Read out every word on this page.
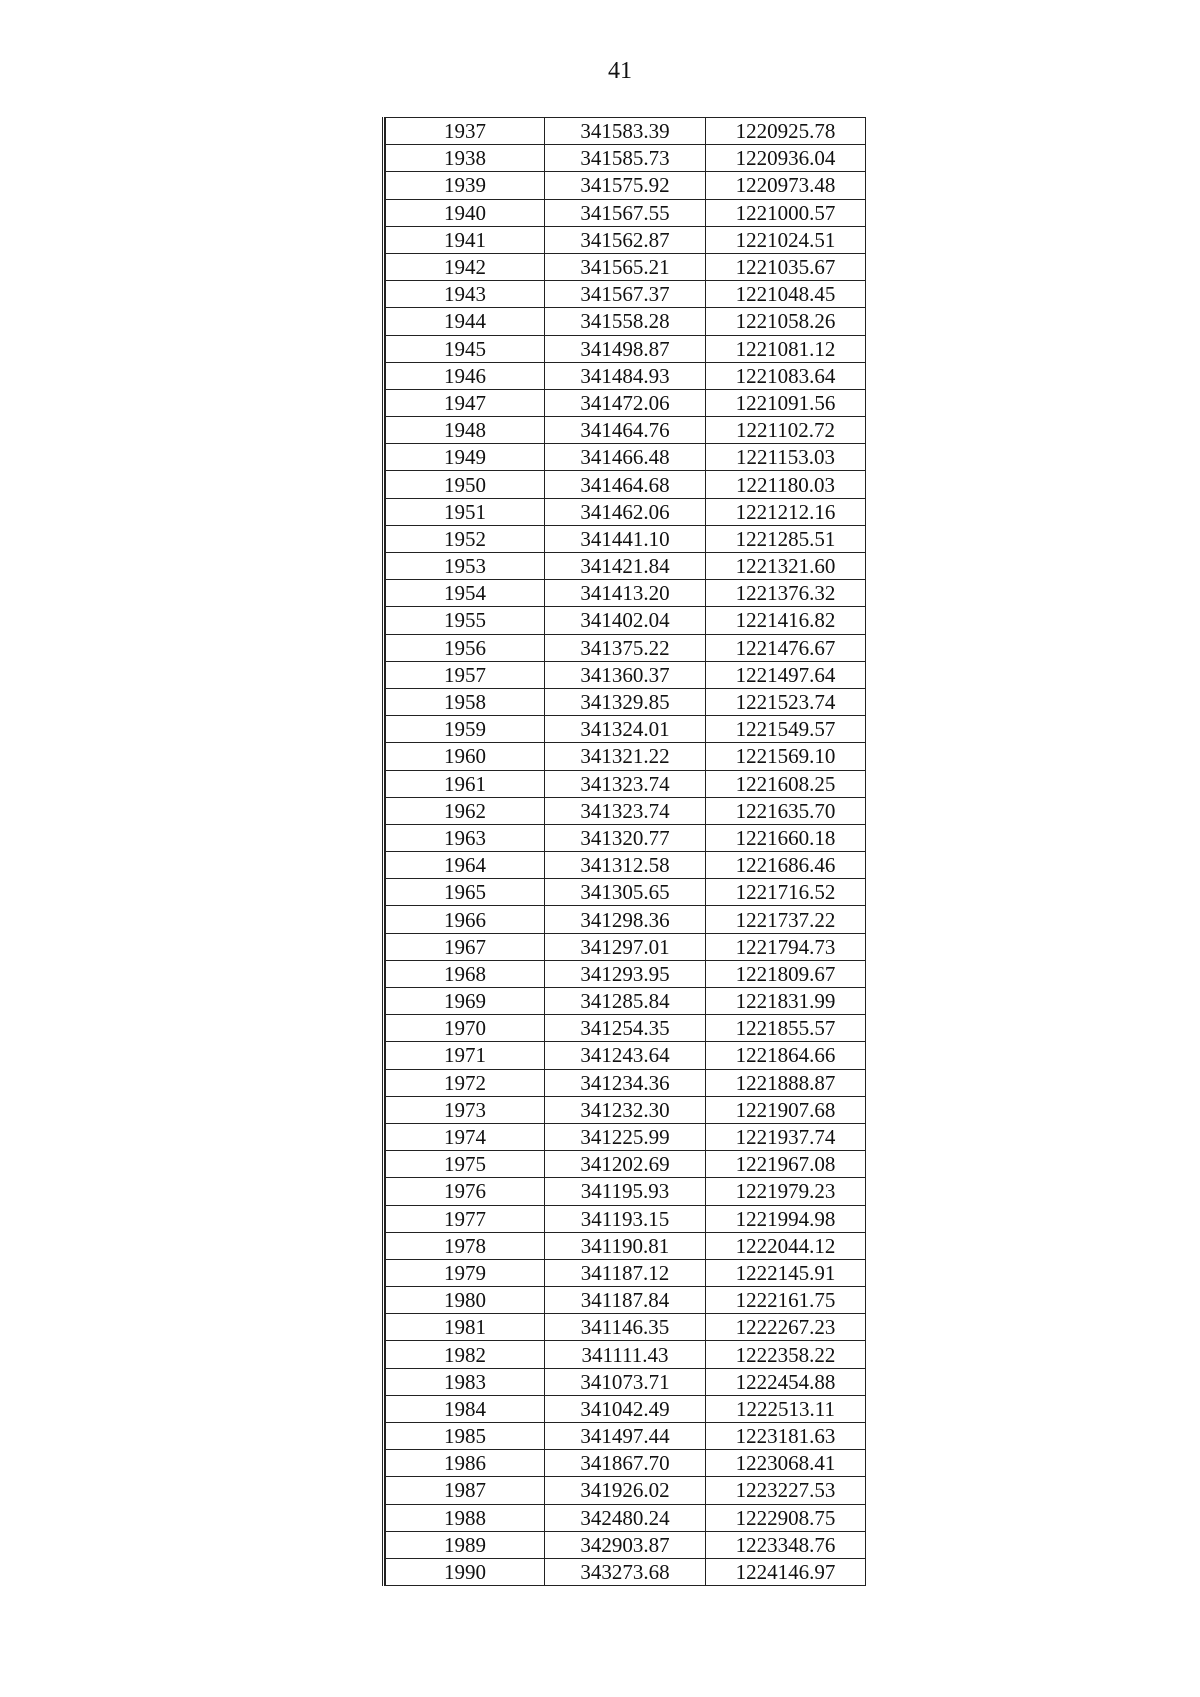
41
1937	341583.39	1220925.78
1938	341585.73	1220936.04
1939	341575.92	1220973.48
1940	341567.55	1221000.57
1941	341562.87	1221024.51
1942	341565.21	1221035.67
1943	341567.37	1221048.45
1944	341558.28	1221058.26
1945	341498.87	1221081.12
1946	341484.93	1221083.64
1947	341472.06	1221091.56
1948	341464.76	1221102.72
1949	341466.48	1221153.03
1950	341464.68	1221180.03
1951	341462.06	1221212.16
1952	341441.10	1221285.51
1953	341421.84	1221321.60
1954	341413.20	1221376.32
1955	341402.04	1221416.82
1956	341375.22	1221476.67
1957	341360.37	1221497.64
1958	341329.85	1221523.74
1959	341324.01	1221549.57
1960	341321.22	1221569.10
1961	341323.74	1221608.25
1962	341323.74	1221635.70
1963	341320.77	1221660.18
1964	341312.58	1221686.46
1965	341305.65	1221716.52
1966	341298.36	1221737.22
1967	341297.01	1221794.73
1968	341293.95	1221809.67
1969	341285.84	1221831.99
1970	341254.35	1221855.57
1971	341243.64	1221864.66
1972	341234.36	1221888.87
1973	341232.30	1221907.68
1974	341225.99	1221937.74
1975	341202.69	1221967.08
1976	341195.93	1221979.23
1977	341193.15	1221994.98
1978	341190.81	1222044.12
1979	341187.12	1222145.91
1980	341187.84	1222161.75
1981	341146.35	1222267.23
1982	341111.43	1222358.22
1983	341073.71	1222454.88
1984	341042.49	1222513.11
1985	341497.44	1223181.63
1986	341867.70	1223068.41
1987	341926.02	1223227.53
1988	342480.24	1222908.75
1989	342903.87	1223348.76
1990	343273.68	1224146.97
